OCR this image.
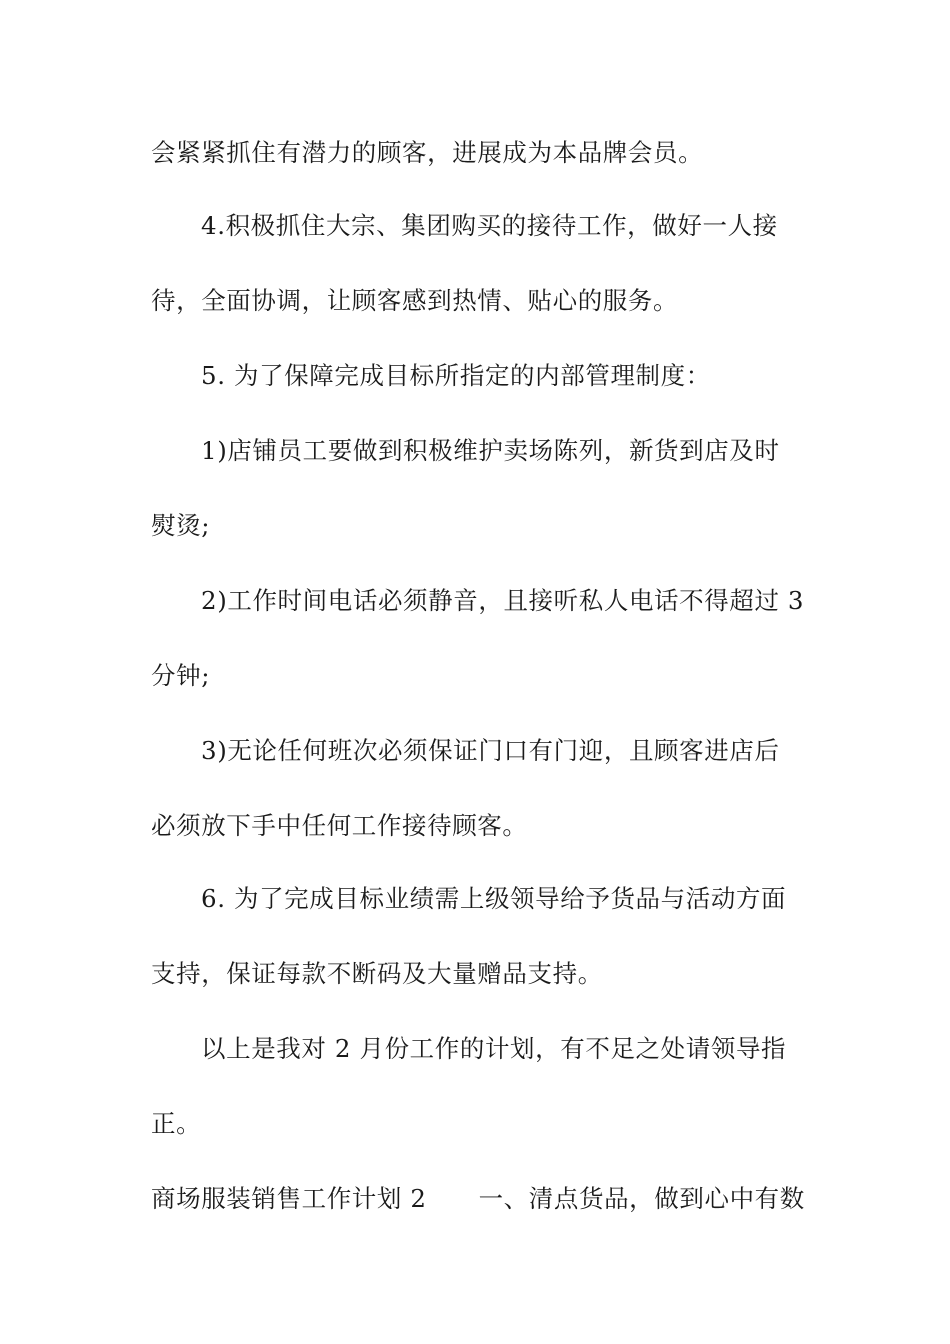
会紧紧抓住有潜力的顾客，进展成为本品牌会员。
4.积极抓住大宗、集团购买的接待工作，做好一人接
待，全面协调，让顾客感到热情、贴心的服务。
5. 为了保障完成目标所指定的内部管理制度：
1)店铺员工要做到积极维护卖场陈列，新货到店及时
熨烫;
2)工作时间电话必须静音，且接听私人电话不得超过 3
分钟;
3)无论任何班次必须保证门口有门迎，且顾客进店后
必须放下手中任何工作接待顾客。
6. 为了完成目标业绩需上级领导给予货品与活动方面
支持，保证每款不断码及大量赠品支持。
以上是我对 2 月份工作的计划，有不足之处请领导指
正。
商场服装销售工作计划 2 一、清点货品，做到心中有数
